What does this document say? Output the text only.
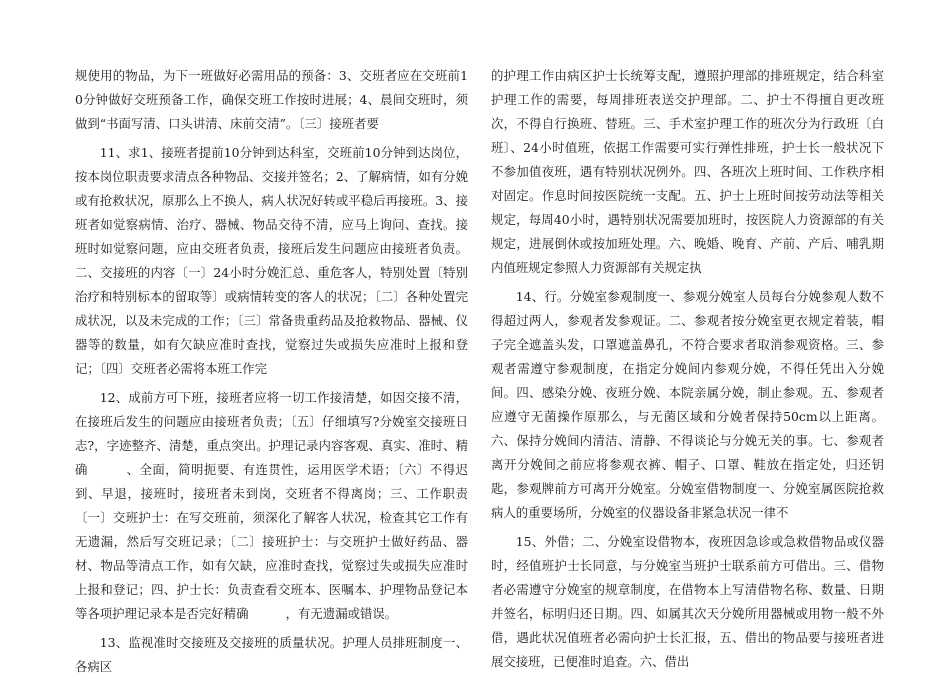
规使用的物品，为下一班做好必需用品的预备：3、交班者应在交班前10分钟做好交班预备工作，确保交班工作按时进展；4、晨间交班时，须做到“书面写清、口头讲清、床前交清”。〔三〕接班者要

11、求1、接班者提前10分钟到达科室，交班前10分钟到达岗位，按本岗位职责要求清点各种物品、交接并签名；2、了解病情，如有分娩或有抢救状况，原那么上不换人，病人状况好转或平稳后再接班。3、接班者如觉察病情、治疗、器械、物品交待不清，应马上询问、查找。接班时如觉察问题，应由交班者负责，接班后发生问题应由接班者负责。二、交接班的内容〔一〕24小时分娩汇总、重危客人，特别处置〔特别治疗和特别标本的留取等〕或病情转变的客人的状况；〔二〕各种处置完成状况，以及未完成的工作；〔三〕常备贵重药品及抢救物品、器械、仪器等的数量，如有欠缺应准时查找，觉察过失或损失应准时上报和登记；〔四〕交班者必需将本班工作完

12、成前方可下班，接班者应将一切工作接清楚，如因交接不清，在接班后发生的问题应由接班者负责；〔五〕仔细填写?分娩室交接班日志?，字迹整齐、清楚，重点突出。护理记录内容客观、真实、准时、精确　　　、全面，简明扼要、有连贯性，运用医学术语；〔六〕不得迟到、早退，接班时，接班者未到岗，交班者不得离岗；三、工作职责〔一〕交班护士：在写交班前，须深化了解客人状况，检查其它工作有无遗漏，然后写交班记录；〔二〕接班护士：与交班护士做好药品、器材、物品等清点工作，如有欠缺，应准时查找，觉察过失或损失应准时上报和登记；四、护士长：负责查看交班本、医嘱本、护理物品登记本等各项护理记录本是否完好精确　　　，有无遗漏或错误。

13、监视准时交接班及交接班的质量状况。护理人员排班制度一、各病区

的护理工作由病区护士长统筹支配，遵照护理部的排班规定，结合科室护理工作的需要，每周排班表送交护理部。二、护士不得擅自更改班次，不得自行换班、替班。三、手术室护理工作的班次分为行政班〔白班〕、24小时值班，依据工作需要可实行弹性排班，护士长一般状况下不参加值夜班，遇有特别状况例外。四、各班次上班时间、工作秩序相对固定。作息时间按医院统一支配。五、护士上班时间按劳动法等相关规定，每周40小时，遇特别状况需要加班时，按医院人力资源部的有关规定，进展倒休或按加班处理。六、晚婚、晚育、产前、产后、哺乳期内值班规定参照人力资源部有关规定执

14、行。分娩室参观制度一、参观分娩室人员每台分娩参观人数不得超过两人，参观者发参观证。二、参观者按分娩室更衣规定着装，帽子完全遮盖头发，口罩遮盖鼻孔，不符合要求者取消参观资格。三、参观者需遵守参观制度，在指定分娩间内参观分娩，不得任凭出入分娩间。四、感染分娩、夜班分娩、本院亲属分娩，制止参观。五、参观者应遵守无菌操作原那么，与无菌区域和分娩者保持50cm以上距离。六、保持分娩间内清洁、清静、不得谈论与分娩无关的事。七、参观者离开分娩间之前应将参观衣裤、帽子、口罩、鞋放在指定处，归还钥匙，参观牌前方可离开分娩室。分娩室借物制度一、分娩室属医院抢救病人的重要场所，分娩室的仪器设备非紧急状况一律不

15、外借；二、分娩室设借物本，夜班因急诊或急救借物品或仪器时，经值班护士长同意，与分娩室当班护士联系前方可借出。三、借物者必需遵守分娩室的规章制度，在借物本上写清借物名称、数量、日期并签名，标明归还日期。四、如属其次天分娩所用器械或用物一般不外借，遇此状况值班者必需向护士长汇报，五、借出的物品要与接班者进展交接班，已便准时追查。六、借出
